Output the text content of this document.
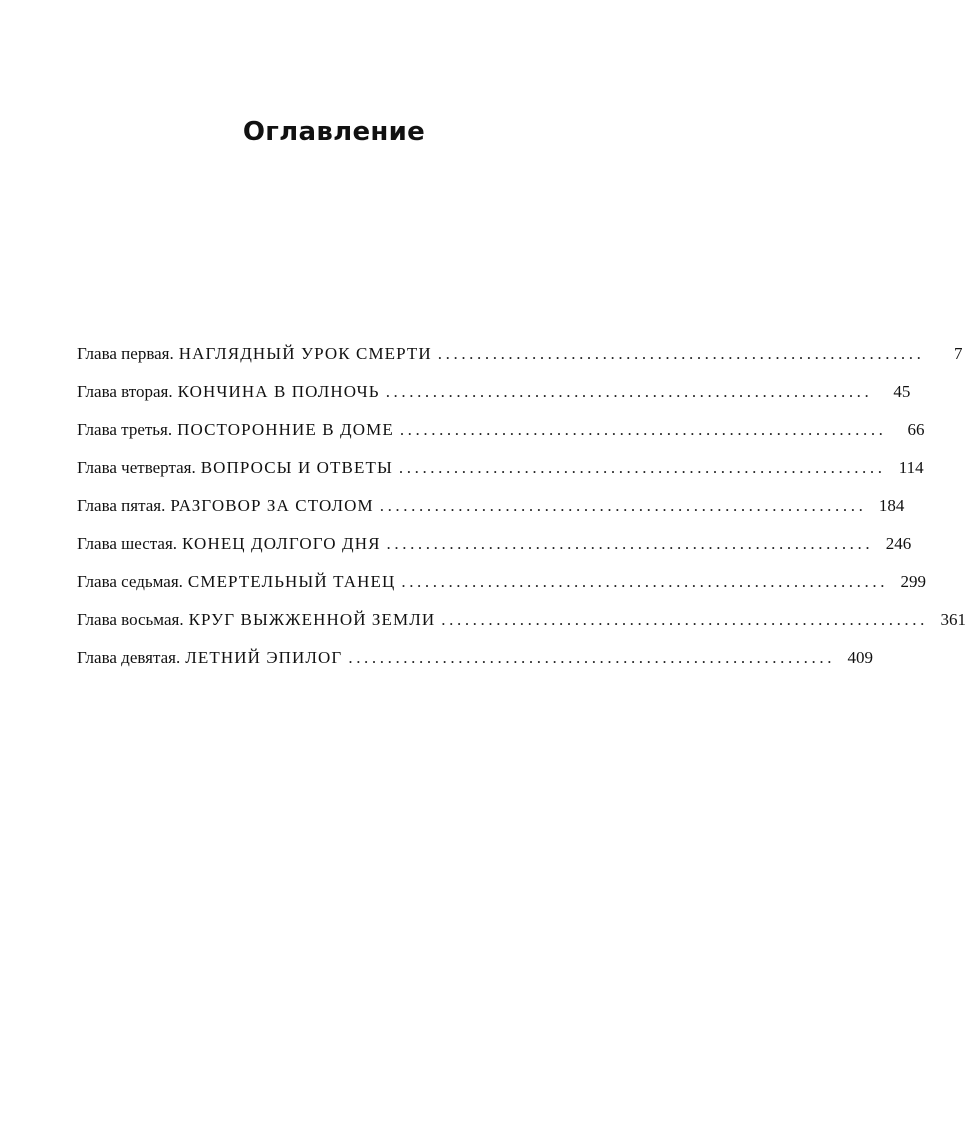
Оглавление
Глава первая. НАГЛЯДНЫЙ УРОК СМЕРТИ ..............................................................	7
Глава вторая. КОНЧИНА В ПОЛНОЧЬ ..............................................................	45
Глава третья. ПОСТОРОННИЕ В ДОМЕ ..............................................................	66
Глава четвертая. ВОПРОСЫ И ОТВЕТЫ .............................................................. 114
Глава пятая. РАЗГОВОР ЗА СТОЛОМ .............................................................. 184
Глава шестая. КОНЕЦ ДОЛГОГО ДНЯ .............................................................. 246
Глава седьмая. СМЕРТЕЛЬНЫЙ ТАНЕЦ .............................................................. 299
Глава восьмая. КРУГ ВЫЖЖЕННОЙ ЗЕМЛИ .............................................................. 361
Глава девятая. ЛЕТНИЙ ЭПИЛОГ .............................................................. 409
